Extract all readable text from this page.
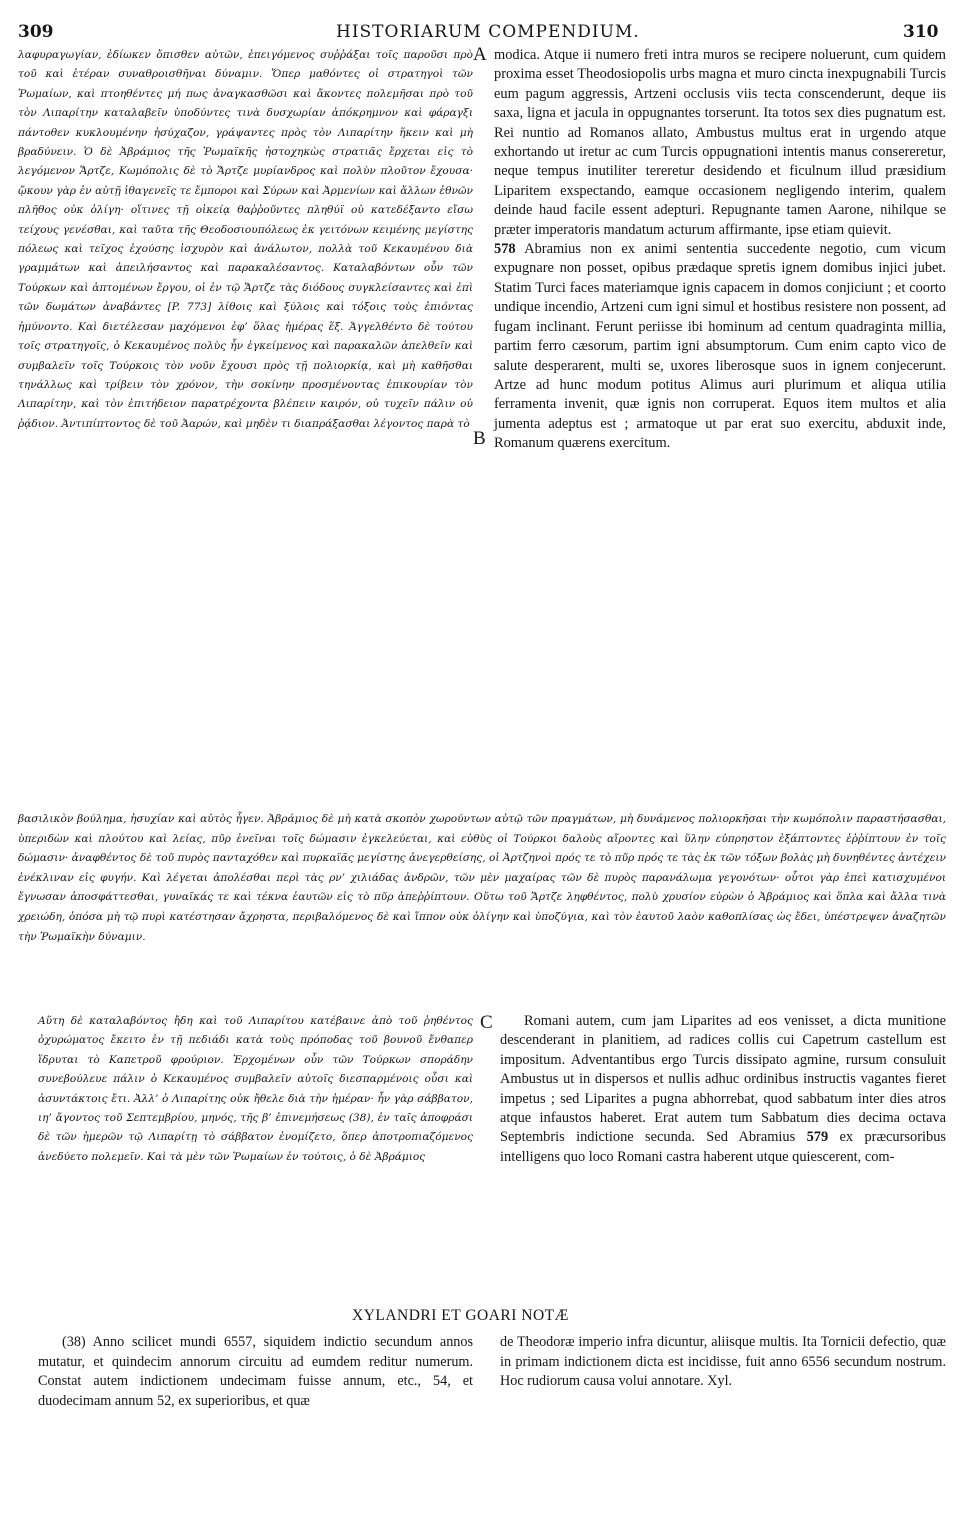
309	HISTORIARUM COMPENDIUM.	310

λαφυραγωγίαν, ἐδίωκεν ὄπισθεν αὐτῶν, ἐπειγόμενος συῤῥάξαι τοῖς παροῦσι πρὸ τοῦ καὶ ἑτέραν συναθροισθῆναι δύναμιν. Ὅπερ μαθόντες οἱ στρατηγοὶ τῶν Ῥωμαίων, καὶ πτοηθέντες μή πως ἀναγκασθῶσι καὶ ἄκοντες πολεμῆσαι πρὸ τοῦ τὸν Λιπαρίτην καταλαβεῖν ὑποδύντες τινὰ δυσχωρίαν ἀπόκρημνον καὶ φάραγξι πάντοθεν κυκλουμένην ἡσύχαζον, γράψαντες πρὸς τὸν Λιπαρίτην ἥκειν καὶ μὴ βραδύνειν. Ὁ δὲ Ἀβράμιος τῆς Ῥωμαϊκῆς ἠστοχηκὼς στρατιᾶς ἔρχεται εἰς τὸ λεγόμενον Ἄρτζε, Κωμόπολις δὲ τὸ Ἄρτζε μυρίανδρος καὶ πολὺν πλοῦτον ἔχουσα· ᾤκουν γὰρ ἐν αὐτῇ ἰθαγενεῖς τε ἔμποροι καὶ Σύρων καὶ Ἀρμενίων καὶ ἄλλων ἐθνῶν πλῆθος οὐκ ὀλίγη· οἵτινες τῇ οἰκείᾳ θαῤῥοῦντες πληθύϊ οὐ κατεδέξαντο εἴσω τείχους γενέσθαι, καὶ ταῦτα τῆς Θεοδοσιουπόλεως ἐκ γειτόνων κειμένης μεγίστης πόλεως καὶ τεῖχος ἐχούσης ἰσχυρὸν καὶ ἀνάλωτον, πολλὰ τοῦ Κεκαυμένου διὰ γραμμάτων καὶ ἀπειλήσαντος καὶ παρακαλέσαντος. Καταλαβόντων οὖν τῶν Τούρκων καὶ ἁπτομένων ἔργου, οἱ ἐν τῷ Ἄρτζε τὰς διόδους συγκλείσαντες καὶ ἐπὶ τῶν δωμάτων ἀναβάντες [P. 773] λίθοις καὶ ξύλοις καὶ τόξοις τοὺς ἐπιόντας ἠμύνοντο. Καὶ διετέλεσαν μαχόμενοι ἐφ’ ὅλας ἡμέρας ἕξ. Ἀγγελθέντο δὲ τούτου τοῖς στρατηγοῖς, ὁ Κεκαυμένος πολὺς ἦν ἐγκείμενος καὶ παρακαλῶν ἀπελθεῖν καὶ συμβαλεῖν τοῖς Τούρκοις τὸν νοῦν ἔχουσι πρὸς τῇ πολιορκίᾳ, καὶ μὴ καθῆσθαι τηνάλλως καὶ τρίβειν τὸν χρόνον, τὴν σοκίνην προσμένοντας ἐπικουρίαν τὸν Λιπαρίτην, καὶ τὸν ἐπιτήδειον παρατρέχοντα βλέπειν καιρόν, οὐ τυχεῖν πάλιν οὐ ῥᾴδιον. Ἀντιπίπτοντος δὲ τοῦ Ἀαρών, καὶ μηδὲν τι διαπράξασθαι λέγοντος παρὰ τὸ

A
B

modica. Atque ii numero freti intra muros se recipere noluerunt, cum quidem proxima esset Theodosiopolis urbs magna et muro cincta inexpugnabili Turcis eum pagum aggressis, Artzeni occlusis viis tecta conscenderunt, deque iis saxa, ligna et jacula in oppugnantes torserunt. Ita totos sex dies pugnatum est. Rei nuntio ad Romanos allato, Ambustus multus erat in urgendo atque exhortando ut iretur ac cum Turcis oppugnationi intentis manus consereretur, neque tempus inutiliter tereretur desidendo et ficulnum illud præsidium Liparitem exspectando, eamque occasionem negligendo interim, qualem deinde haud facile essent adepturi. Repugnante tamen Aarone, nihilque se præter imperatoris mandatum acturum affirmante, ipse etiam quievit.

578 Abramius non ex animi sententia succedente negotio, cum vicum expugnare non posset, opibus prædaque spretis ignem domibus injici jubet. Statim Turci faces materiamque ignis capacem in domos conjiciunt ; et coorto undique incendio, Artzeni cum igni simul et hostibus resistere non possent, ad fugam inclinant. Ferunt periisse ibi hominum ad centum quadraginta millia, partim ferro cæsorum, partim igni absumptorum. Cum enim capto vico de salute desperarent, multi se, uxores liberosque suos in ignem conjecerunt. Artze ad hunc modum potitus Alimus auri plurimum et aliqua utilia ferramenta invenit, quæ ignis non corruperat. Equos item multos et alia jumenta adeptus est ; armatoque ut par erat suo exercitu, abduxit inde, Romanum quærens exercitum.

βασιλικὸν βούλημα, ἡσυχίαν καὶ αὐτὸς ἦγεν. Ἀβράμιος δὲ μὴ κατὰ σκοπὸν χωρούντων αὐτῷ τῶν πραγμάτων, μὴ δυνάμενος πολιορκῆσαι τὴν κωμόπολιν παραστήσασθαι, ὑπεριδὼν καὶ πλούτου καὶ λείας, πῦρ ἐνεῖναι τοῖς δώμασιν ἐγκελεύεται, καὶ εὐθὺς οἱ Τούρκοι δαλοὺς αἴροντες καὶ ὕλην εὐπρηστον ἐξάπτοντες ἐῤῥίπτουν ἐν τοῖς δώμασιν· ἀναφθέντος δὲ τοῦ πυρὸς πανταχόθεν καὶ πυρκαϊᾶς μεγίστης ἀνεγερθείσης, οἱ Ἀρτζηνοὶ πρός τε τὸ πῦρ πρός τε τὰς ἐκ τῶν τόξων βολὰς μὴ δυνηθέντες ἀντέχειν ἐνέκλιναν εἰς φυγήν. Καὶ λέγεται ἀπολέσθαι περὶ τὰς ρν’ χιλιάδας ἀνδρῶν, τῶν μὲν μαχαίρας τῶν δὲ πυρὸς παρανάλωμα γεγονότων· οὗτοι γὰρ ἐπεὶ κατισχυμένοι ἔγνωσαν ἀποσφάττεσθαι, γυναῖκάς τε καὶ τέκνα ἑαυτῶν εἰς τὸ πῦρ ἀπεῤῥίπτουν. Οὕτω τοῦ Ἄρτζε ληφθέντος, πολὺ χρυσίον εὑρὼν ὁ Ἀβράμιος καὶ ὅπλα καὶ ἄλλα τινὰ χρειώδη, ὁπόσα μὴ τῷ πυρὶ κατέστησαν ἄχρηστα, περιβαλόμενος δὲ καὶ ἵππον οὐκ ὀλίγην καὶ ὑποζύγια, καὶ τὸν ἑαυτοῦ λαὸν καθοπλίσας ὡς ἔδει, ὑπέστρεψεν ἀναζητῶν τὴν Ῥωμαϊκὴν δύναμιν.

C

Αὕτη δὲ καταλαβόντος ἤδη καὶ τοῦ Λιπαρίτου κατέβαινε ἀπὸ τοῦ ῥηθέντος ὀχυρώματος ἔκειτο ἐν τῇ πεδιάδι κατὰ τοὺς πρόποδας τοῦ βουνοῦ ἔνθαπερ ἵδρυται τὸ Καπετροῦ φρούριον. Ἐρχομένων οὖν τῶν Τούρκων σποράδην συνεβούλευε πάλιν ὁ Κεκαυμένος συμβαλεῖν αὐτοῖς διεσπαρμένοις οὖσι καὶ ἀσυντάκτοις ἔτι. Ἀλλ’ ὁ Λιπαρίτης οὐκ ἤθελε διὰ τὴν ἡμέραν· ἦν γὰρ σάββατον, ιη’ ἄγοντος τοῦ Σεπτεμβρίου, μηνός, τῆς β’ ἐπινεμήσεως (38), ἐν ταῖς ἀποφράσι δὲ τῶν ἡμερῶν τῷ Λιπαρίτῃ τὸ σάββατον ἐνομίζετο, ὅπερ ἀποτροπιαζόμενος ἀνεδύετο πολεμεῖν. Καὶ τὰ μὲν τῶν Ῥωμαίων ἐν τούτοις, ὁ δὲ Ἀβράμιος

Romani autem, cum jam Liparites ad eos venisset, a dicta munitione descenderant in planitiem, ad radices collis cui Capetrum castellum est impositum. Adventantibus ergo Turcis dissipato agmine, rursum consuluit Ambustus ut in dispersos et nullis adhuc ordinibus instructis vagantes fieret impetus ; sed Liparites a pugna abhorrebat, quod sabbatum inter dies atros atque infaustos haberet. Erat autem tum Sabbatum dies decima octava Septembris indictione secunda. Sed Abramius 579 ex præcursoribus intelligens quo loco Romani castra haberent utque quiescerent, com-

XYLANDRI ET GOARI NOTÆ

(38) Anno scilicet mundi 6557, siquidem indictio secundum annos mutatur, et quindecim annorum circuitu ad eumdem reditur numerum. Constat autem indictionem undecimam fuisse annum, etc., 54, et duodecimam annum 52, ex superioribus, et quæ

de Theodoræ imperio infra dicuntur, aliisque multis. Ita Tornicii defectio, quæ in primam indictionem dicta est incidisse, fuit anno 6556 secundum nostrum. Hoc rudiorum causa volui annotare. Xyl.
